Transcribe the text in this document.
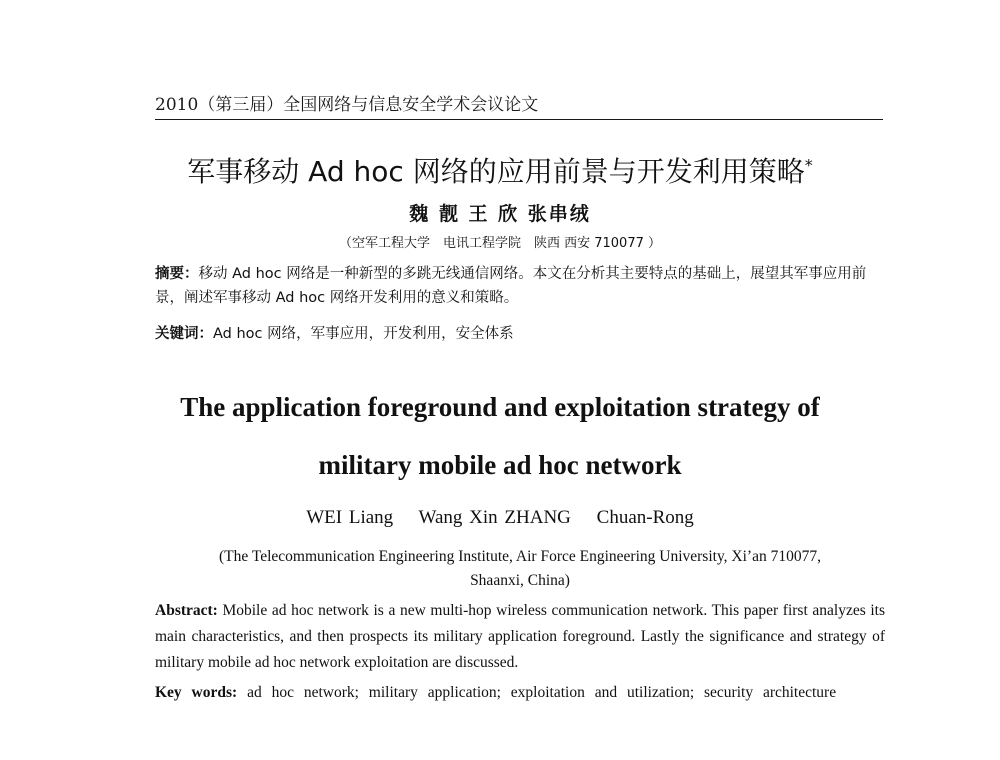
2010（第三届）全国网络与信息安全学术会议论文
军事移动 Ad hoc 网络的应用前景与开发利用策略*
魏 靓 王 欣 张串绒
（空军工程大学　电讯工程学院　陕西 西安 710077 ）
摘要：移动 Ad hoc 网络是一种新型的多跳无线通信网络。本文在分析其主要特点的基础上，展望其军事应用前景，阐述军事移动 Ad hoc 网络开发利用的意义和策略。
关键词：Ad hoc 网络，军事应用，开发利用，安全体系
The application foreground and exploitation strategy of
military mobile ad hoc network
WEI Liang　 Wang Xin ZHANG　 Chuan-Rong
(The Telecommunication Engineering Institute, Air Force Engineering University, Xi’an 710077,
Shaanxi, China)
Abstract: Mobile ad hoc network is a new multi-hop wireless communication network. This paper first analyzes its main characteristics, and then prospects its military application foreground. Lastly the significance and strategy of military mobile ad hoc network exploitation are discussed.
Key words: ad hoc network; military application; exploitation and utilization; security architecture
